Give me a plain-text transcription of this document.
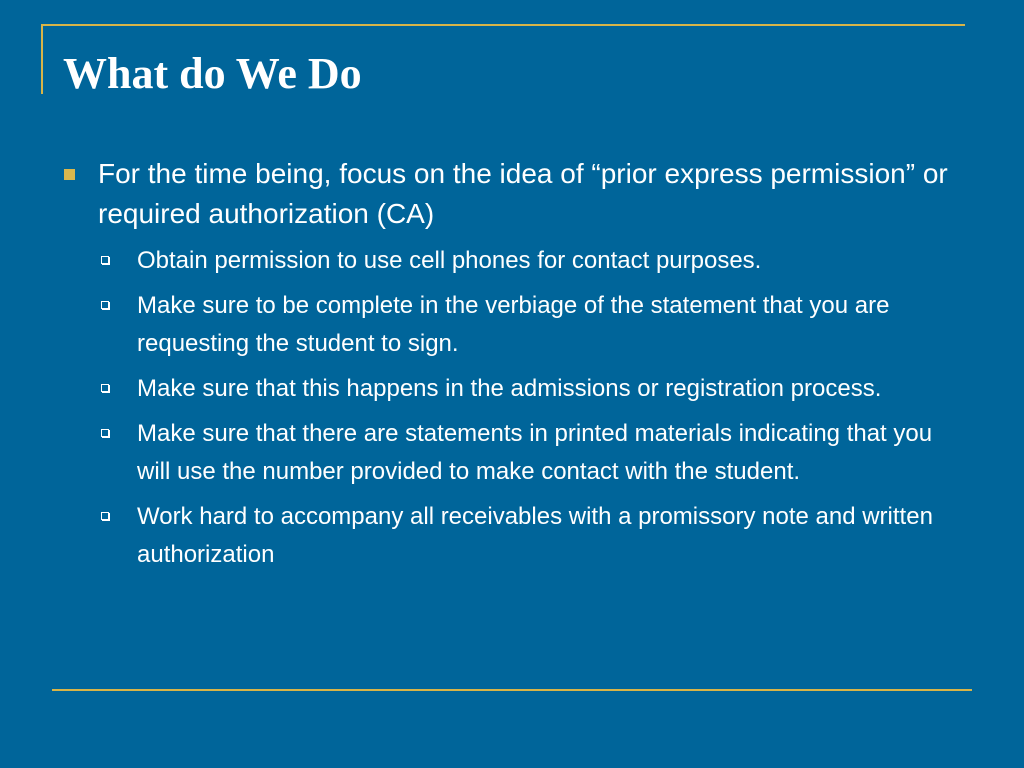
What do We Do
For the time being, focus on the idea of “prior express permission” or required authorization (CA)
Obtain permission to use cell phones for contact purposes.
Make sure to be complete in the verbiage of the statement that you are requesting the student to sign.
Make sure that this happens in the admissions or registration process.
Make sure that there are statements in printed materials indicating that you will use the number provided to make contact with the student.
Work hard to accompany all receivables with a promissory note and written authorization
